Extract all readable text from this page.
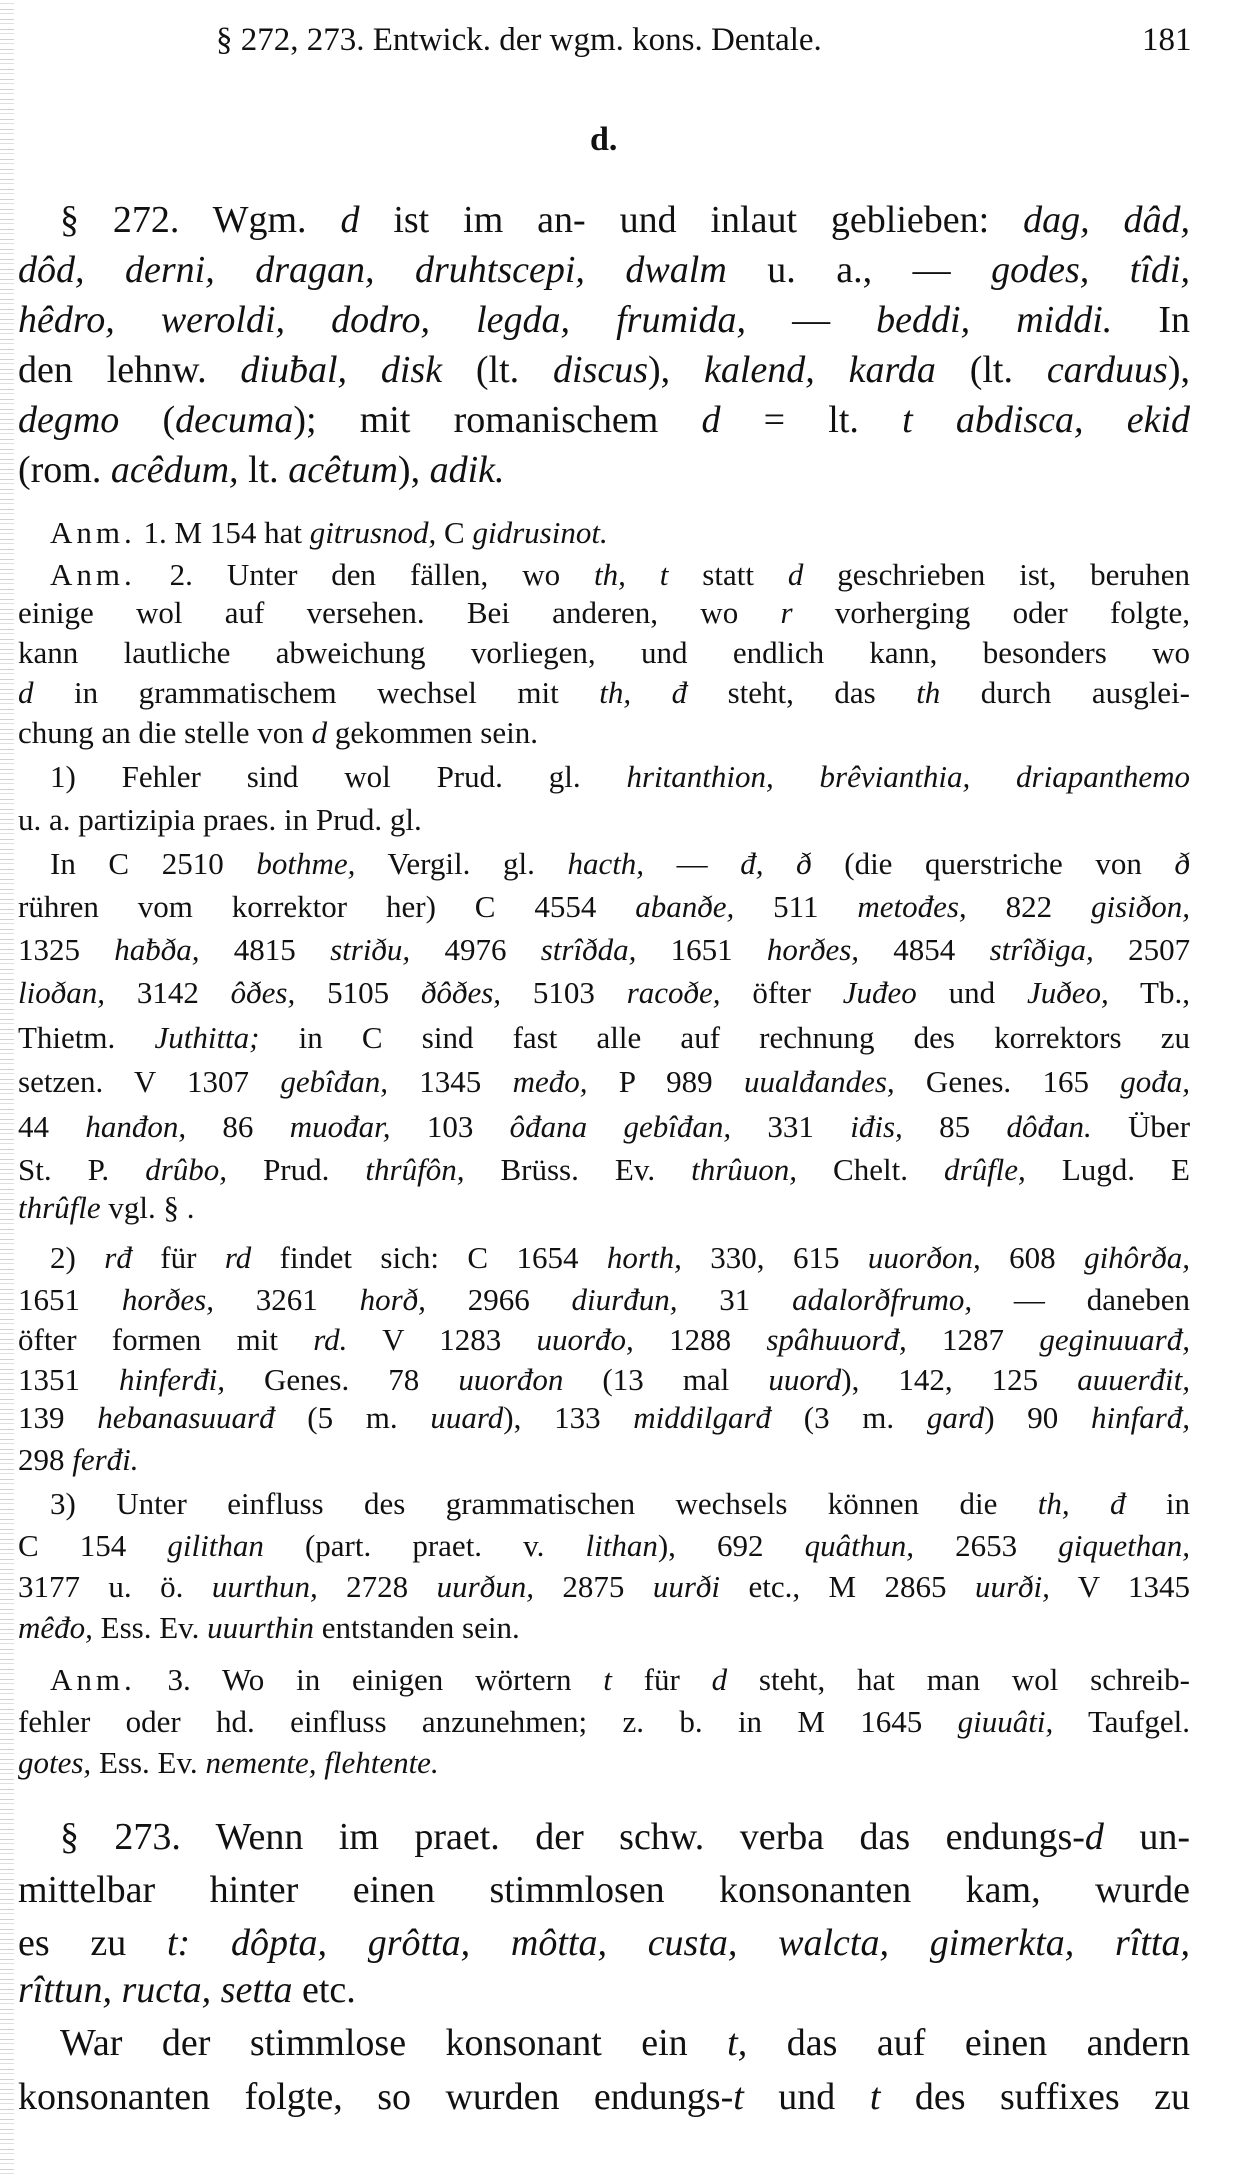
§ 272, 273. Entwick. der wgm. kons. Dentale.	181
d.
§ 272. Wgm. d ist im an- und inlaut geblieben: dag, dâd,
dôd, derni, dragan, druhtscepi, dwalm u. a., — godes, tîdi,
hêdro, weroldi, dodro, legda, frumida, — beddi, middi. In
den lehnw. diuƀal, disk (lt. discus), kalend, karda (lt. carduus),
degmo (decuma); mit romanischem d = lt. t abdisca, ekid
(rom. acêdum, lt. acêtum), adik.
Anm. 1. M 154 hat gitrusnod, C gidrusinot.
Anm. 2. Unter den fällen, wo th, t statt d geschrieben ist, beruhen
einige wol auf versehen. Bei anderen, wo r vorherging oder folgte,
kann lautliche abweichung vorliegen, und endlich kann, besonders wo
d in grammatischem wechsel mit th, đ steht, das th durch ausglei-
chung an die stelle von d gekommen sein.
1) Fehler sind wol Prud. gl. hritanthion, brêvianthia, driapanthemo
u. a. partizipia praes. in Prud. gl.
In C 2510 bothme, Vergil. gl. hacth, — đ, ð (die querstriche von ð
rühren vom korrektor her) C 4554 abanðe, 511 metođes, 822 gisiðon,
1325 haƀða, 4815 striðu, 4976 strîðda, 1651 horðes, 4854 strîðiga, 2507
lioðan, 3142 ôðes, 5105 ðôðes, 5103 racoðe, öfter Juđeo und Juðeo, Tb.,
Thietm. Juthitta; in C sind fast alle auf rechnung des korrektors zu
setzen. V 1307 gebîđan, 1345 međo, P 989 uualđandes, Genes. 165 gođa,
44 hanđon, 86 muođar, 103 ôđana gebîđan, 331 iđis, 85 dôđan. Über
St. P. drûbo, Prud. thrûfôn, Brüss. Ev. thrûuon, Chelt. drûfle, Lugd. E
thrûfle vgl. § .
2) rđ für rd findet sich: C 1654 horth, 330, 615 uuorðon, 608 gihôrða,
1651 horðes, 3261 horð, 2966 diurđun, 31 adalorðfrumo, — daneben
öfter formen mit rd. V 1283 uuorđo, 1288 spâhuuorđ, 1287 geginuuarđ,
1351 hinferđi, Genes. 78 uuorđon (13 mal uuord), 142, 125 auuerđit,
139 hebanasuuarđ (5 m. uuard), 133 middilgarđ (3 m. gard) 90 hinfarđ,
298 ferđi.
3) Unter einfluss des grammatischen wechsels können die th, đ in
C 154 gilithan (part. praet. v. lithan), 692 quâthun, 2653 giquethan,
3177 u. ö. uurthun, 2728 uurðun, 2875 uurði etc., M 2865 uurði, V 1345
mêđo, Ess. Ev. uuurthin entstanden sein.
Anm. 3. Wo in einigen wörtern t für d steht, hat man wol schreib-
fehler oder hd. einfluss anzunehmen; z. b. in M 1645 giuuâti, Taufgel.
gotes, Ess. Ev. nemente, flehtente.
§ 273. Wenn im praet. der schw. verba das endungs-d un-
mittelbar hinter einen stimmlosen konsonanten kam, wurde
es zu t: dôpta, grôtta, môtta, custa, walcta, gimerkta, rîtta,
rîttun, ructa, setta etc.
War der stimmlose konsonant ein t, das auf einen andern
konsonanten folgte, so wurden endungs-t und t des suffixes zu
